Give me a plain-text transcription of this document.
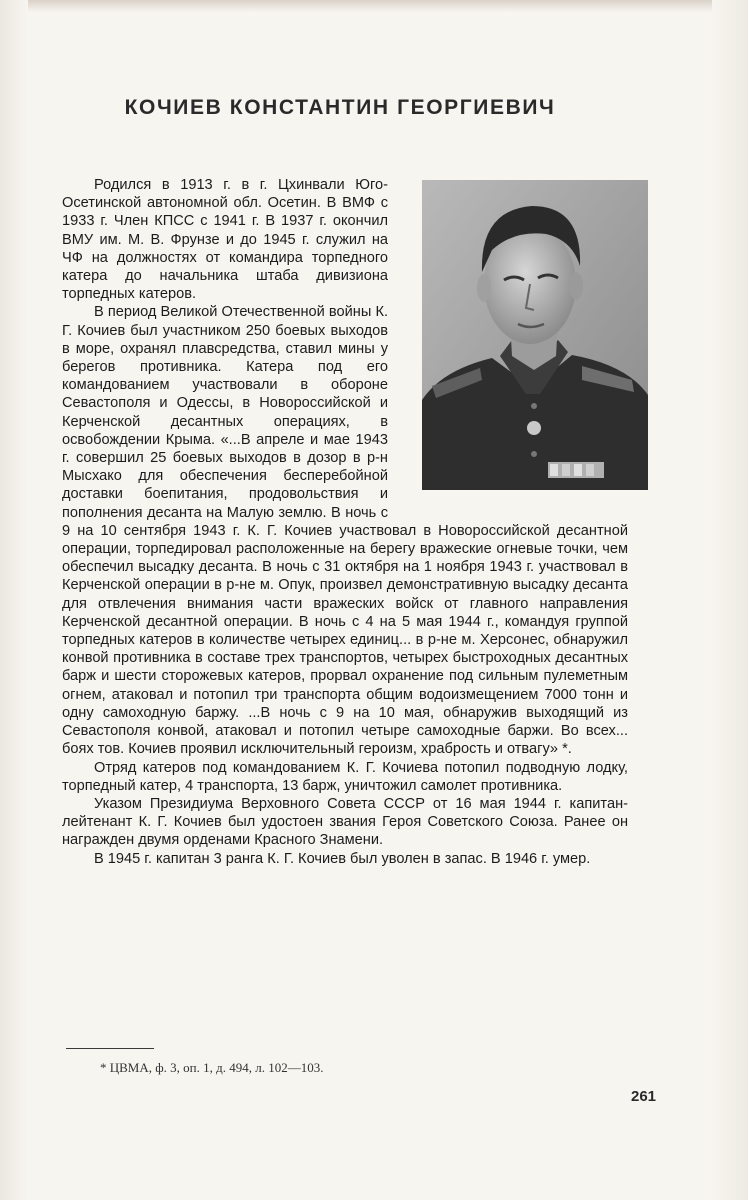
КОЧИЕВ КОНСТАНТИН ГЕОРГИЕВИЧ

Родился в 1913 г. в г. Цхинвали Юго-Осетинской автономной обл. Осетин. В ВМФ с 1933 г. Член КПСС с 1941 г. В 1937 г. окончил ВМУ им. М. В. Фрунзе и до 1945 г. служил на ЧФ на должностях от командира торпедного катера до начальника штаба дивизиона торпедных катеров.

В период Великой Отечественной войны К. Г. Кочиев был участником 250 боевых выходов в море, охранял плавсредства, ставил мины у берегов противника. Катера под его командованием участвовали в обороне Севастополя и Одессы, в Новороссийской и Керченской десантных операциях, в освобождении Крыма. «...В апреле и мае 1943 г. совершил 25 боевых выходов в дозор в р-н Мысхако для обеспечения бесперебойной доставки боепитания, продовольствия и пополнения десанта на Малую землю. В ночь с 9 на 10 сентября 1943 г. К. Г. Кочиев участвовал в Новороссийской десантной операции, торпедировал расположенные на берегу вражеские огневые точки, чем обеспечил высадку десанта. В ночь с 31 октября на 1 ноября 1943 г. участвовал в Керченской операции в р-не м. Опук, произвел демонстративную высадку десанта для отвлечения внимания части вражеских войск от главного направления Керченской десантной операции. В ночь с 4 на 5 мая 1944 г., командуя группой торпедных катеров в количестве четырех единиц... в р-не м. Херсонес, обнаружил конвой противника в составе трех транспортов, четырех быстроходных десантных барж и шести сторожевых катеров, прорвал охранение под сильным пулеметным огнем, атаковал и потопил три транспорта общим водоизмещением 7000 тонн и одну самоходную баржу. ...В ночь с 9 на 10 мая, обнаружив выходящий из Севастополя конвой, атаковал и потопил четыре самоходные баржи. Во всех... боях тов. Кочиев проявил исключительный героизм, храбрость и отвагу» *.

Отряд катеров под командованием К. Г. Кочиева потопил подводную лодку, торпедный катер, 4 транспорта, 13 барж, уничтожил самолет противника.

Указом Президиума Верховного Совета СССР от 16 мая 1944 г. капитан-лейтенант К. Г. Кочиев был удостоен звания Героя Советского Союза. Ранее он награжден двумя орденами Красного Знамени.

В 1945 г. капитан 3 ранга К. Г. Кочиев был уволен в запас. В 1946 г. умер.

* ЦВМА, ф. 3, оп. 1, д. 494, л. 102—103.
261
